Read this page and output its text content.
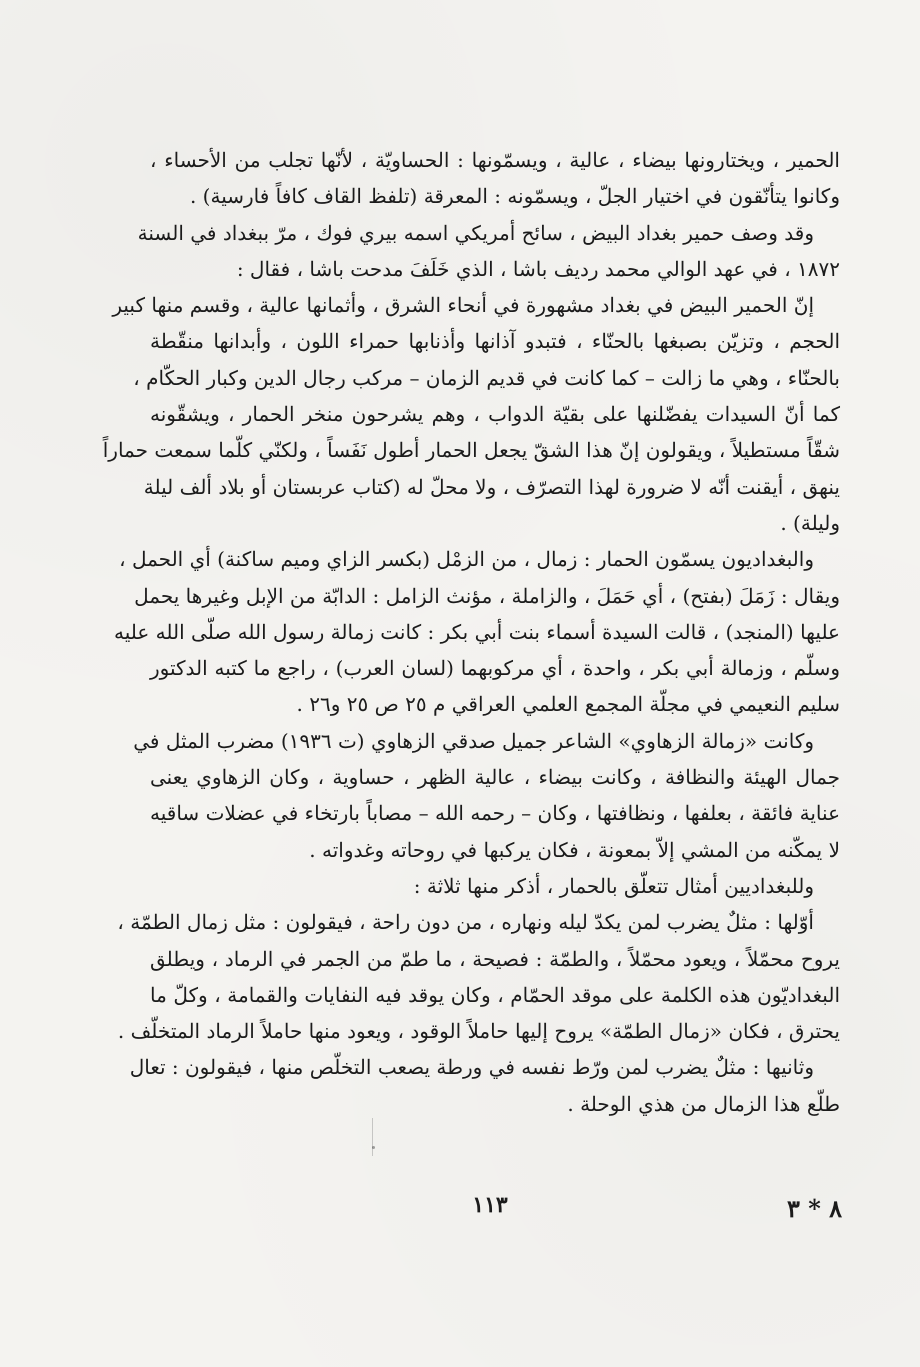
الحمير ، ويختارونها بيضاء ، عالية ، ويسمّونها : الحساويّة ، لأنّها تجلب من الأحساء ،
وكانوا يتأنّقون في اختيار الجلّ ، ويسمّونه : المعرقة (تلفظ القاف كافاً فارسية) .
وقد وصف حمير بغداد البيض ، سائح أمريكي اسمه بيري فوك ، مرّ ببغداد في السنة
١٨٧٢ ، في عهد الوالي محمد رديف باشا ، الذي خَلَفَ مدحت باشا ، فقال :
إنّ الحمير البيض في بغداد مشهورة في أنحاء الشرق ، وأثمانها عالية ، وقسم منها كبير
الحجم ، وتزيّن بصبغها بالحنّاء ، فتبدو آذانها وأذنابها حمراء اللون ، وأبدانها منقّطة
بالحنّاء ، وهي ما زالت – كما كانت في قديم الزمان – مركب رجال الدين وكبار الحكّام ،
كما أنّ السيدات يفضّلنها على بقيّة الدواب ، وهم يشرحون منخر الحمار ، ويشقّونه
شقّاً مستطيلاً ، ويقولون إنّ هذا الشقّ يجعل الحمار أطول نَفَساً ، ولكنّي كلّما سمعت حماراً
ينهق ، أيقنت أنّه لا ضرورة لهذا التصرّف ، ولا محلّ له (كتاب عربستان أو بلاد ألف ليلة
وليلة) .
والبغداديون يسمّون الحمار : زمال ، من الزمْل (بكسر الزاي وميم ساكنة) أي الحمل ،
ويقال : زَمَلَ (بفتح) ، أي حَمَلَ ، والزاملة ، مؤنث الزامل : الدابّة من الإبل وغيرها يحمل
عليها (المنجد) ، قالت السيدة أسماء بنت أبي بكر : كانت زمالة رسول الله صلّى الله عليه
وسلّم ، وزمالة أبي بكر ، واحدة ، أي مركوبهما (لسان العرب) ، راجع ما كتبه الدكتور
سليم النعيمي في مجلّة المجمع العلمي العراقي م ٢٥ ص ٢٥ و٢٦ .
وكانت «زمالة الزهاوي» الشاعر جميل صدقي الزهاوي (ت ١٩٣٦) مضرب المثل في
جمال الهيئة والنظافة ، وكانت بيضاء ، عالية الظهر ، حساوية ، وكان الزهاوي يعنى
عناية فائقة ، بعلفها ، ونظافتها ، وكان – رحمه الله – مصاباً بارتخاء في عضلات ساقيه
لا يمكّنه من المشي إلاّ بمعونة ، فكان يركبها في روحاته وغدواته .
وللبغداديين أمثال تتعلّق بالحمار ، أذكر منها ثلاثة :
أوّلها : مثلٌ يضرب لمن يكدّ ليله ونهاره ، من دون راحة ، فيقولون : مثل زمال الطمّة ،
يروح محمّلاً ، ويعود محمّلاً ، والطمّة : فصيحة ، ما طمّ من الجمر في الرماد ، ويطلق
البغداديّون هذه الكلمة على موقد الحمّام ، وكان يوقد فيه النفايات والقمامة ، وكلّ ما
يحترق ، فكان «زمال الطمّة» يروح إليها حاملاً الوقود ، ويعود منها حاملاً الرماد المتخلّف .
وثانيها : مثلٌ يضرب لمن ورّط نفسه في ورطة يصعب التخلّص منها ، فيقولون : تعال
طلّع هذا الزمال من هذي الوحلة .
١١٣	٨ * ٣
